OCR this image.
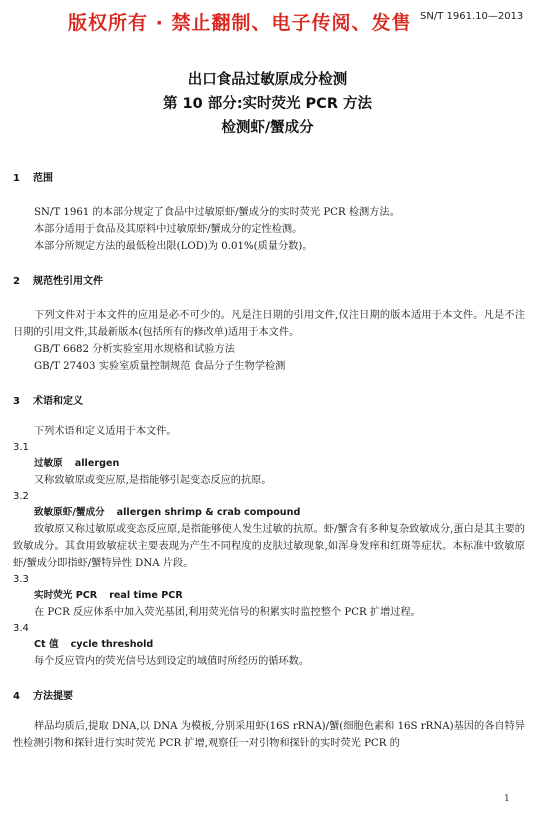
版权所有 · 禁止翻制、电子传阅、发售 SN/T 1961.10—2013
出口食品过敏原成分检测
第 10 部分:实时荧光 PCR 方法
检测虾/蟹成分
1 范围
SN/T 1961 的本部分规定了食品中过敏原虾/蟹成分的实时荧光 PCR 检测方法。
本部分适用于食品及其原料中过敏原虾/蟹成分的定性检测。
本部分所规定方法的最低检出限(LOD)为 0.01%(质量分数)。
2 规范性引用文件
下列文件对于本文件的应用是必不可少的。凡是注日期的引用文件,仅注日期的版本适用于本文件。凡是不注日期的引用文件,其最新版本(包括所有的修改单)适用于本文件。
GB/T 6682 分析实验室用水规格和试验方法
GB/T 27403 实验室质量控制规范 食品分子生物学检测
3 术语和定义
下列术语和定义适用于本文件。
3.1
过敏原 allergen
又称致敏原或变应原,是指能够引起变态反应的抗原。
3.2
致敏原虾/蟹成分 allergen shrimp & crab compound
致敏原又称过敏原或变态反应原,是指能够使人发生过敏的抗原。虾/蟹含有多种复杂致敏成分,蛋白是其主要的致敏成分。其食用致敏症状主要表现为产生不同程度的皮肤过敏现象,如浑身发痒和红斑等症状。本标准中致敏原虾/蟹成分即指虾/蟹特异性 DNA 片段。
3.3
实时荧光 PCR real time PCR
在 PCR 反应体系中加入荧光基团,利用荧光信号的积累实时监控整个 PCR 扩增过程。
3.4
Ct 值 cycle threshold
每个反应管内的荧光信号达到设定的域值时所经历的循环数。
4 方法提要
样品均质后,提取 DNA,以 DNA 为模板,分别采用虾(16S rRNA)/蟹(细胞色素和 16S rRNA)基因的各自特异性检测引物和探针进行实时荧光 PCR 扩增,观察任一对引物和探针的实时荧光 PCR 的
1
